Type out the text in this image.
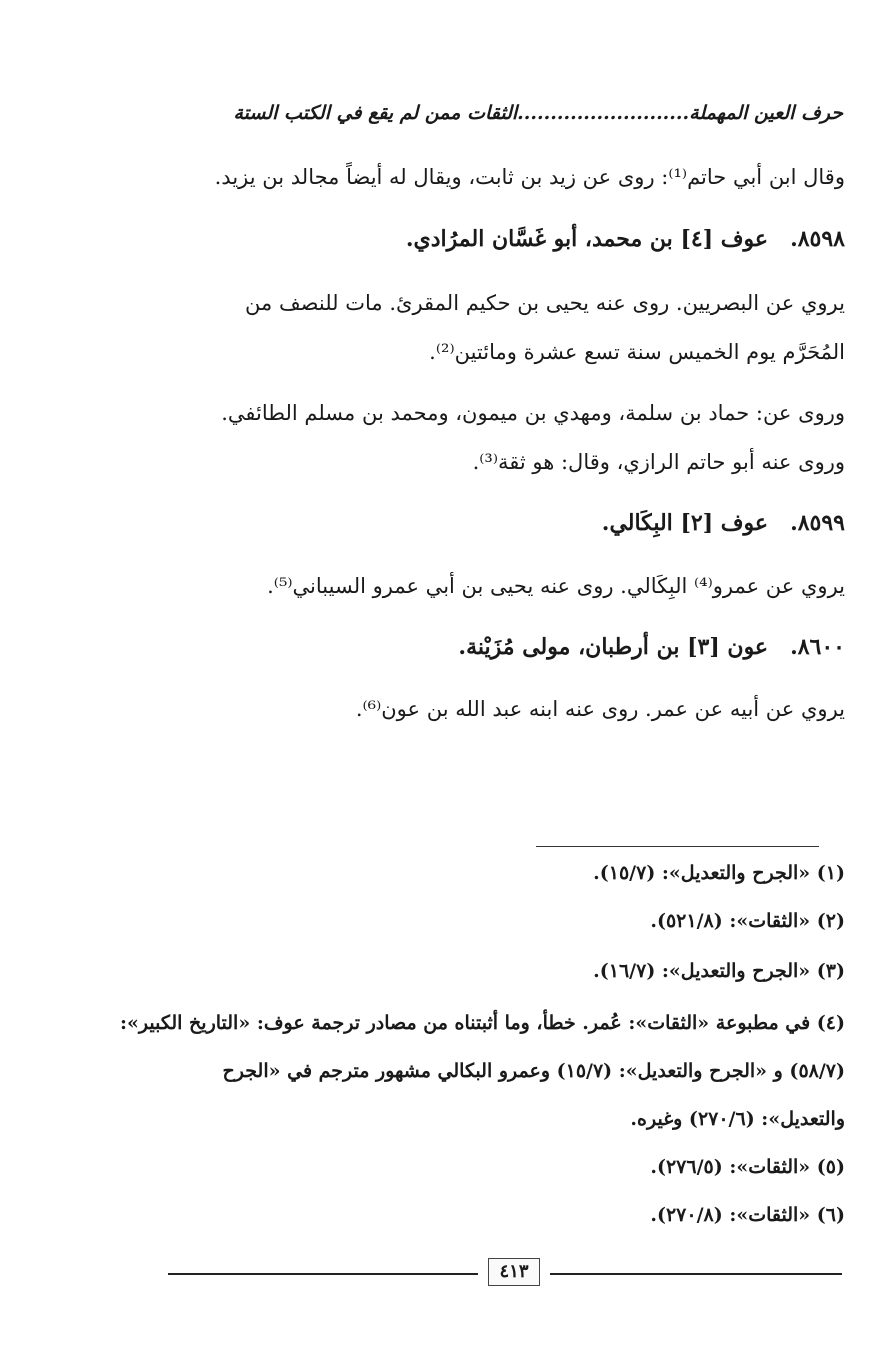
حرف العين المهملة..........................الثقات ممن لم يقع في الكتب الستة
وقال ابن أبي حاتم⁽¹⁾: روى عن زيد بن ثابت، ويقال له أيضاً مجالد بن يزيد.
٨٥٩٨.عوف [٤] بن محمد، أبو غَسَّان المرُادي.
يروي عن البصريين. روى عنه يحيى بن حكيم المقرئ. مات للنصف من
المُحَرَّم يوم الخميس سنة تسع عشرة ومائتين⁽²⁾.
وروى عن: حماد بن سلمة، ومهدي بن ميمون، ومحمد بن مسلم الطائفي.
وروى عنه أبو حاتم الرازي، وقال: هو ثقة⁽³⁾.
٨٥٩٩.عوف [٢] البِكَالي.
يروي عن عمرو⁽⁴⁾ البِكَالي. روى عنه يحيى بن أبي عمرو السيباني⁽⁵⁾.
٨٦٠٠.عون [٣] بن أرطبان، مولى مُزَيْنة.
يروي عن أبيه عن عمر. روى عنه ابنه عبد الله بن عون⁽⁶⁾.
(١) «الجرح والتعديل»: (١٥/٧).
(٢) «الثقات»: (٥٢١/٨).
(٣) «الجرح والتعديل»: (١٦/٧).
(٤) في مطبوعة «الثقات»: عُمر. خطأ، وما أثبتناه من مصادر ترجمة عوف: «التاريخ الكبير»:
(٥٨/٧) و «الجرح والتعديل»: (١٥/٧) وعمرو البكالي مشهور مترجم في «الجرح
والتعديل»: (٢٧٠/٦) وغيره.
(٥) «الثقات»: (٢٧٦/٥).
(٦) «الثقات»: (٢٧٠/٨).
٤١٣
